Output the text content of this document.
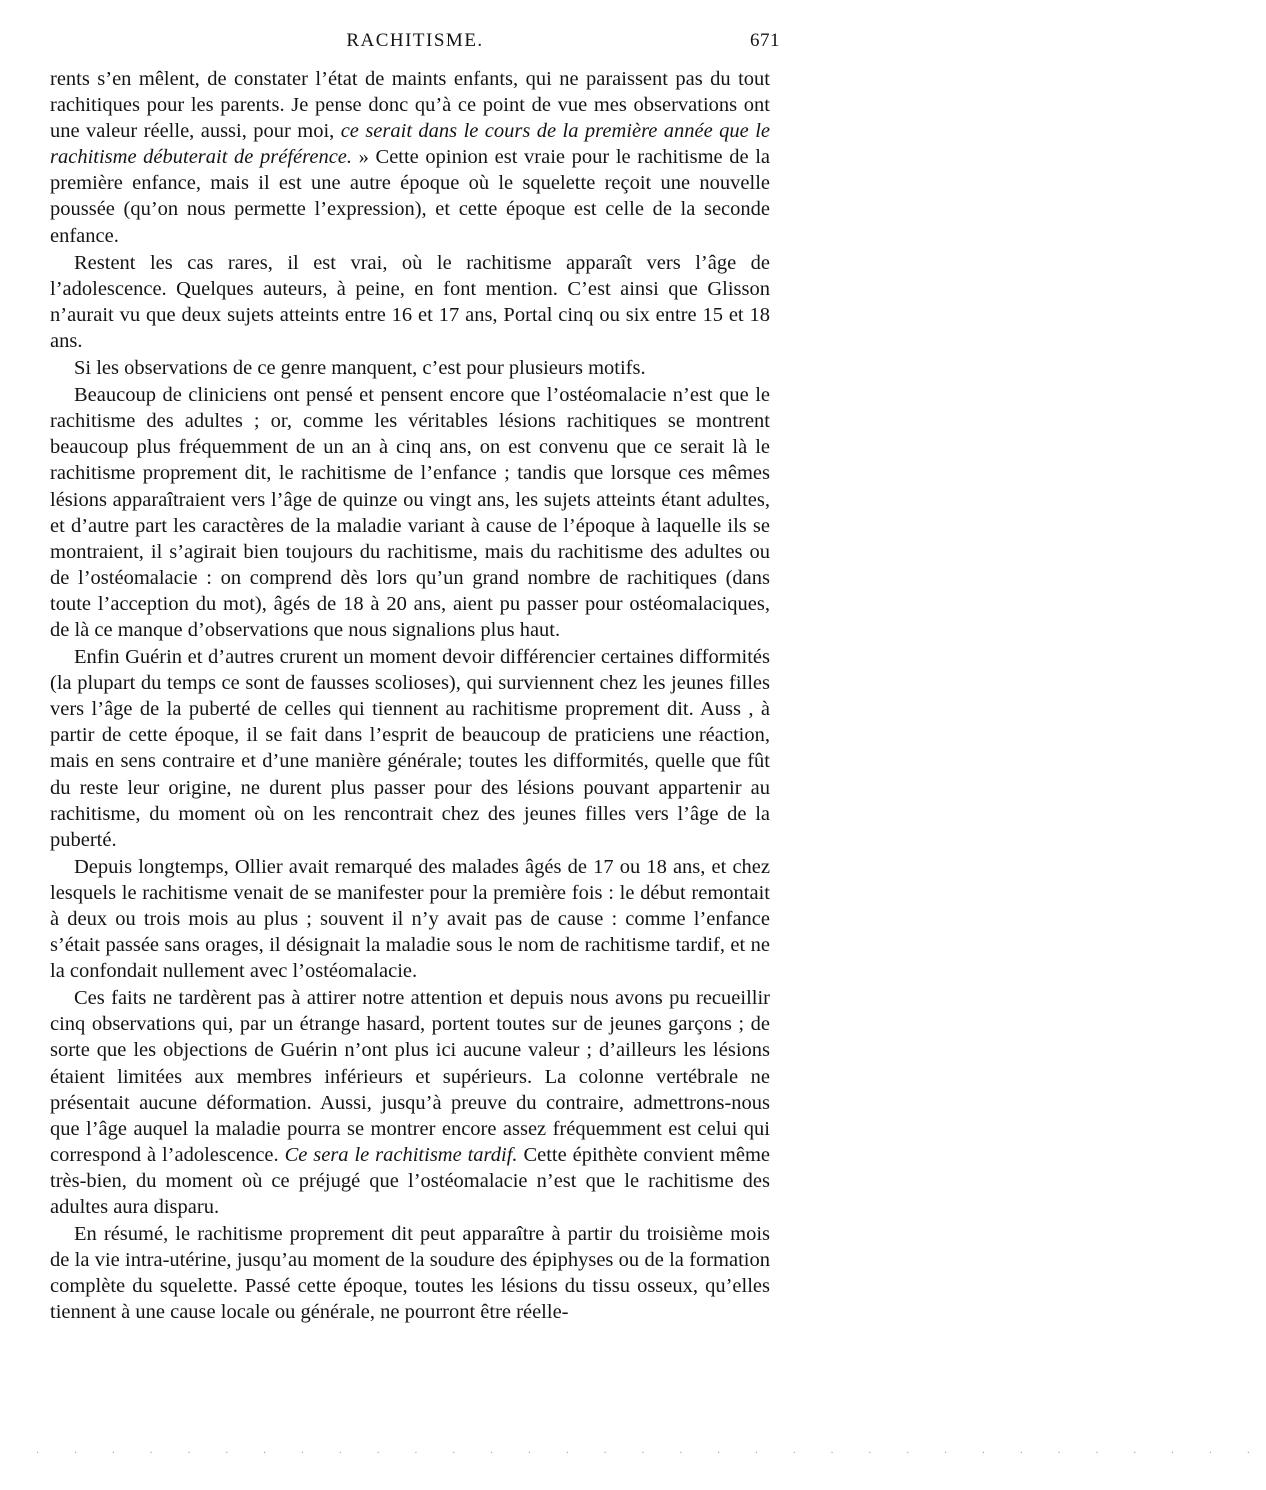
RACHITISME.	671

rents s’en mêlent, de constater l’état de maints enfants, qui ne paraissent pas du tout rachitiques pour les parents. Je pense donc qu’à ce point de vue mes observations ont une valeur réelle, aussi, pour moi, ce serait dans le cours de la première année que le rachitisme débuterait de préférence. » Cette opinion est vraie pour le rachitisme de la première enfance, mais il est une autre époque où le squelette reçoit une nouvelle poussée (qu’on nous permette l’expression), et cette époque est celle de la seconde enfance.

Restent les cas rares, il est vrai, où le rachitisme apparaît vers l’âge de l’adolescence. Quelques auteurs, à peine, en font mention. C’est ainsi que Glisson n’aurait vu que deux sujets atteints entre 16 et 17 ans, Portal cinq ou six entre 15 et 18 ans.

Si les observations de ce genre manquent, c’est pour plusieurs motifs.

Beaucoup de cliniciens ont pensé et pensent encore que l’ostéomalacie n’est que le rachitisme des adultes ; or, comme les véritables lésions rachitiques se montrent beaucoup plus fréquemment de un an à cinq ans, on est convenu que ce serait là le rachitisme proprement dit, le rachitisme de l’enfance ; tandis que lorsque ces mêmes lésions apparaîtraient vers l’âge de quinze ou vingt ans, les sujets atteints étant adultes, et d’autre part les caractères de la maladie variant à cause de l’époque à laquelle ils se montraient, il s’agirait bien toujours du rachitisme, mais du rachitisme des adultes ou de l’ostéomalacie : on comprend dès lors qu’un grand nombre de rachitiques (dans toute l’acception du mot), âgés de 18 à 20 ans, aient pu passer pour ostéomalaciques, de là ce manque d’observations que nous signalions plus haut.

Enfin Guérin et d’autres crurent un moment devoir différencier certaines difformités (la plupart du temps ce sont de fausses scolioses), qui surviennent chez les jeunes filles vers l’âge de la puberté de celles qui tiennent au rachitisme proprement dit. Auss , à partir de cette époque, il se fait dans l’esprit de beaucoup de praticiens une réaction, mais en sens contraire et d’une manière générale; toutes les difformités, quelle que fût du reste leur origine, ne durent plus passer pour des lésions pouvant appartenir au rachitisme, du moment où on les rencontrait chez des jeunes filles vers l’âge de la puberté.

Depuis longtemps, Ollier avait remarqué des malades âgés de 17 ou 18 ans, et chez lesquels le rachitisme venait de se manifester pour la première fois : le début remontait à deux ou trois mois au plus ; souvent il n’y avait pas de cause : comme l’enfance s’était passée sans orages, il désignait la maladie sous le nom de rachitisme tardif, et ne la confondait nullement avec l’ostéomalacie.

Ces faits ne tardèrent pas à attirer notre attention et depuis nous avons pu recueillir cinq observations qui, par un étrange hasard, portent toutes sur de jeunes garçons ; de sorte que les objections de Guérin n’ont plus ici aucune valeur ; d’ailleurs les lésions étaient limitées aux membres inférieurs et supérieurs. La colonne vertébrale ne présentait aucune déformation. Aussi, jusqu’à preuve du contraire, admettrons-nous que l’âge auquel la maladie pourra se montrer encore assez fréquemment est celui qui correspond à l’adolescence. Ce sera le rachitisme tardif. Cette épithète convient même très-bien, du moment où ce préjugé que l’ostéomalacie n’est que le rachitisme des adultes aura disparu.

En résumé, le rachitisme proprement dit peut apparaître à partir du troisième mois de la vie intra-utérine, jusqu’au moment de la soudure des épiphyses ou de la formation complète du squelette. Passé cette époque, toutes les lésions du tissu osseux, qu’elles tiennent à une cause locale ou générale, ne pourront être réelle-

· · · · · · · · · · · · · · · · · · · · · · · · · · · · · · · · ·
